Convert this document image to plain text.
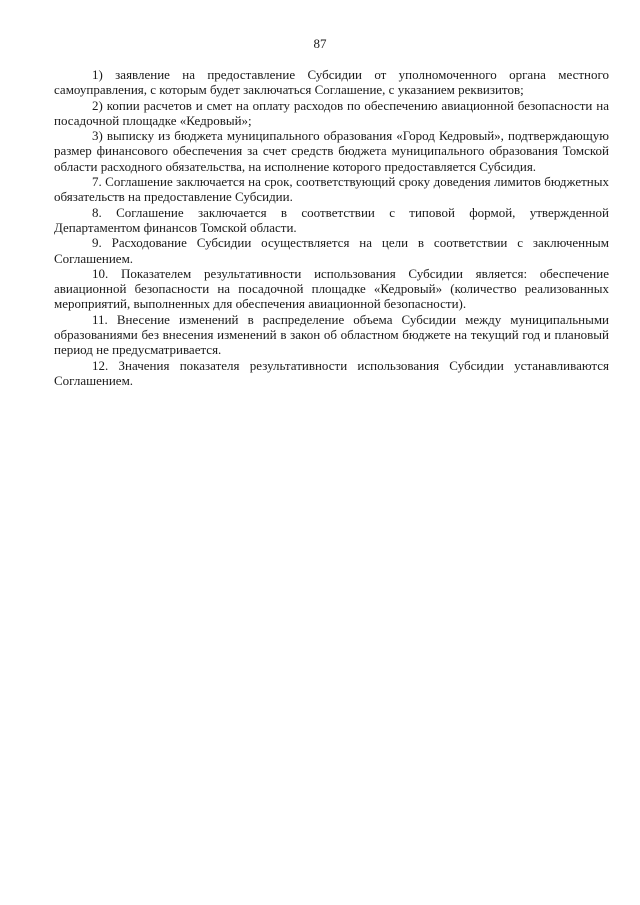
87

1) заявление на предоставление Субсидии от уполномоченного органа местного самоуправления, с которым будет заключаться Соглашение, с указанием реквизитов;

2) копии расчетов и смет на оплату расходов по обеспечению авиационной безопасности на посадочной площадке «Кедровый»;

3) выписку из бюджета муниципального образования «Город Кедровый», подтверждающую размер финансового обеспечения за счет средств бюджета муниципального образования Томской области расходного обязательства, на исполнение которого предоставляется Субсидия.

7. Соглашение заключается на срок, соответствующий сроку доведения лимитов бюджетных обязательств на предоставление Субсидии.

8. Соглашение заключается в соответствии с типовой формой, утвержденной Департаментом финансов Томской области.

9. Расходование Субсидии осуществляется на цели в соответствии с заключенным Соглашением.

10. Показателем результативности использования Субсидии является: обеспечение авиационной безопасности на посадочной площадке «Кедровый» (количество реализованных мероприятий, выполненных для обеспечения авиационной безопасности).

11. Внесение изменений в распределение объема Субсидии между муниципальными образованиями без внесения изменений в закон об областном бюджете на текущий год и плановый период не предусматривается.

12. Значения показателя результативности использования Субсидии устанавливаются Соглашением.
